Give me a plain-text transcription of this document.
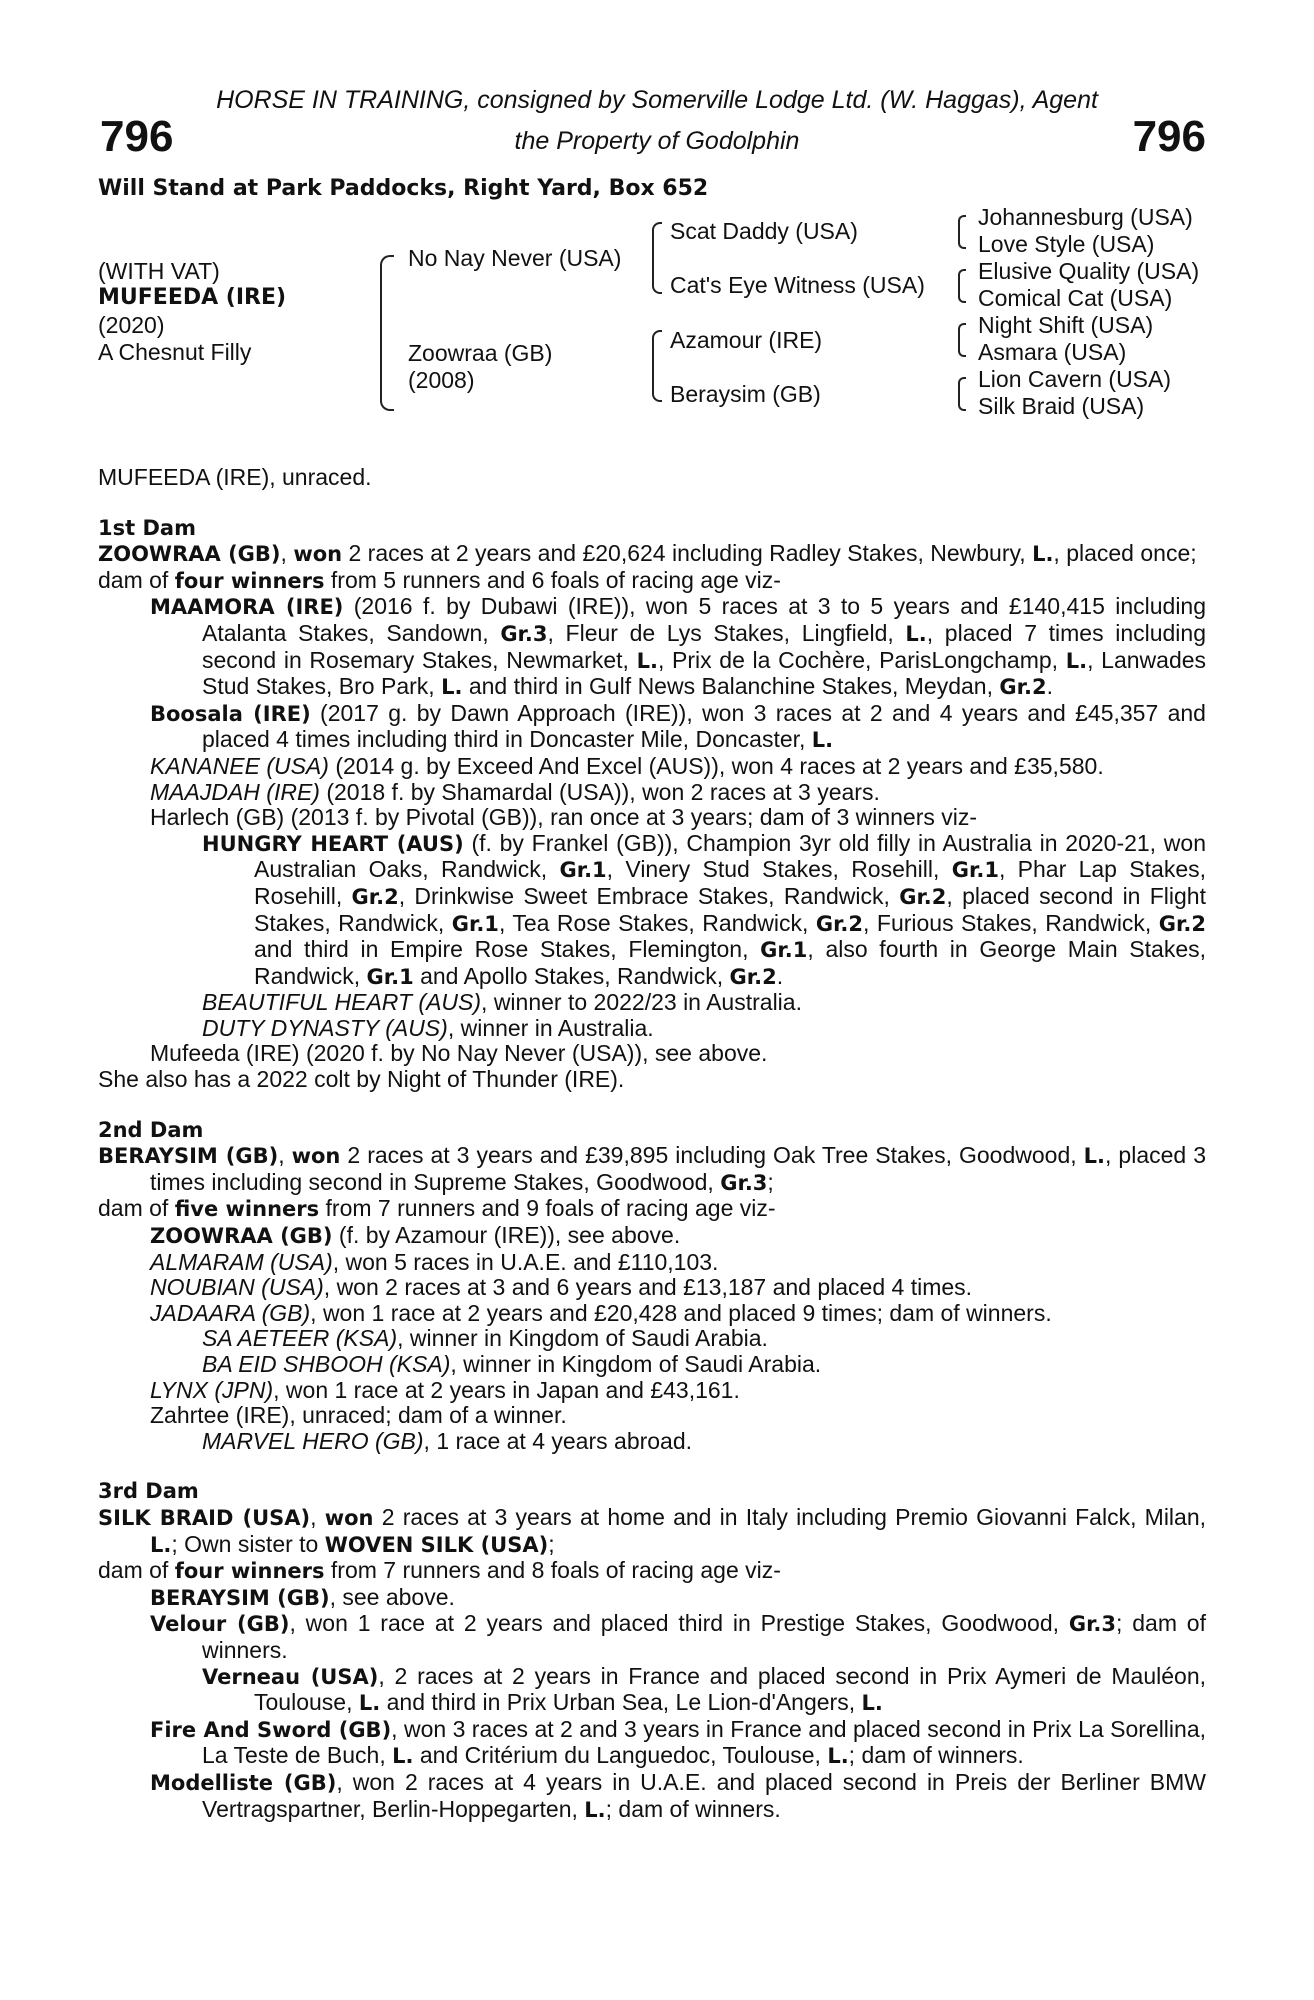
HORSE IN TRAINING, consigned by Somerville Lodge Ltd. (W. Haggas), Agent
the Property of Godolphin
796	796
Will Stand at Park Paddocks, Right Yard, Box 652
(WITH VAT)
MUFEEDA (IRE)
(2020)
A Chesnut Filly
No Nay Never (USA)
Zoowraa (GB)
(2008)
Scat Daddy (USA)
Cat's Eye Witness (USA)
Azamour (IRE)
Beraysim (GB)
Johannesburg (USA)
Love Style (USA)
Elusive Quality (USA)
Comical Cat (USA)
Night Shift (USA)
Asmara (USA)
Lion Cavern (USA)
Silk Braid (USA)
MUFEEDA (IRE), unraced.
1st Dam
ZOOWRAA (GB), won 2 races at 2 years and £20,624 including Radley Stakes, Newbury, L., placed once;
dam of four winners from 5 runners and 6 foals of racing age viz-
MAAMORA (IRE) (2016 f. by Dubawi (IRE)), won 5 races at 3 to 5 years and £140,415 including Atalanta Stakes, Sandown, Gr.3, Fleur de Lys Stakes, Lingfield, L., placed 7 times including second in Rosemary Stakes, Newmarket, L., Prix de la Cochère, ParisLongchamp, L., Lanwades Stud Stakes, Bro Park, L. and third in Gulf News Balanchine Stakes, Meydan, Gr.2.
Boosala (IRE) (2017 g. by Dawn Approach (IRE)), won 3 races at 2 and 4 years and £45,357 and placed 4 times including third in Doncaster Mile, Doncaster, L.
KANANEE (USA) (2014 g. by Exceed And Excel (AUS)), won 4 races at 2 years and £35,580.
MAAJDAH (IRE) (2018 f. by Shamardal (USA)), won 2 races at 3 years.
Harlech (GB) (2013 f. by Pivotal (GB)), ran once at 3 years; dam of 3 winners viz-
HUNGRY HEART (AUS) (f. by Frankel (GB)), Champion 3yr old filly in Australia in 2020-21, won Australian Oaks, Randwick, Gr.1, Vinery Stud Stakes, Rosehill, Gr.1, Phar Lap Stakes, Rosehill, Gr.2, Drinkwise Sweet Embrace Stakes, Randwick, Gr.2, placed second in Flight Stakes, Randwick, Gr.1, Tea Rose Stakes, Randwick, Gr.2, Furious Stakes, Randwick, Gr.2 and third in Empire Rose Stakes, Flemington, Gr.1, also fourth in George Main Stakes, Randwick, Gr.1 and Apollo Stakes, Randwick, Gr.2.
BEAUTIFUL HEART (AUS), winner to 2022/23 in Australia.
DUTY DYNASTY (AUS), winner in Australia.
Mufeeda (IRE) (2020 f. by No Nay Never (USA)), see above.
She also has a 2022 colt by Night of Thunder (IRE).
2nd Dam
BERAYSIM (GB), won 2 races at 3 years and £39,895 including Oak Tree Stakes, Goodwood, L., placed 3 times including second in Supreme Stakes, Goodwood, Gr.3;
dam of five winners from 7 runners and 9 foals of racing age viz-
ZOOWRAA (GB) (f. by Azamour (IRE)), see above.
ALMARAM (USA), won 5 races in U.A.E. and £110,103.
NOUBIAN (USA), won 2 races at 3 and 6 years and £13,187 and placed 4 times.
JADAARA (GB), won 1 race at 2 years and £20,428 and placed 9 times; dam of winners.
SA AETEER (KSA), winner in Kingdom of Saudi Arabia.
BA EID SHBOOH (KSA), winner in Kingdom of Saudi Arabia.
LYNX (JPN), won 1 race at 2 years in Japan and £43,161.
Zahrtee (IRE), unraced; dam of a winner.
MARVEL HERO (GB), 1 race at 4 years abroad.
3rd Dam
SILK BRAID (USA), won 2 races at 3 years at home and in Italy including Premio Giovanni Falck, Milan, L.; Own sister to WOVEN SILK (USA);
dam of four winners from 7 runners and 8 foals of racing age viz-
BERAYSIM (GB), see above.
Velour (GB), won 1 race at 2 years and placed third in Prestige Stakes, Goodwood, Gr.3; dam of winners.
Verneau (USA), 2 races at 2 years in France and placed second in Prix Aymeri de Mauléon, Toulouse, L. and third in Prix Urban Sea, Le Lion-d'Angers, L.
Fire And Sword (GB), won 3 races at 2 and 3 years in France and placed second in Prix La Sorellina, La Teste de Buch, L. and Critérium du Languedoc, Toulouse, L.; dam of winners.
Modelliste (GB), won 2 races at 4 years in U.A.E. and placed second in Preis der Berliner BMW Vertragspartner, Berlin-Hoppegarten, L.; dam of winners.
